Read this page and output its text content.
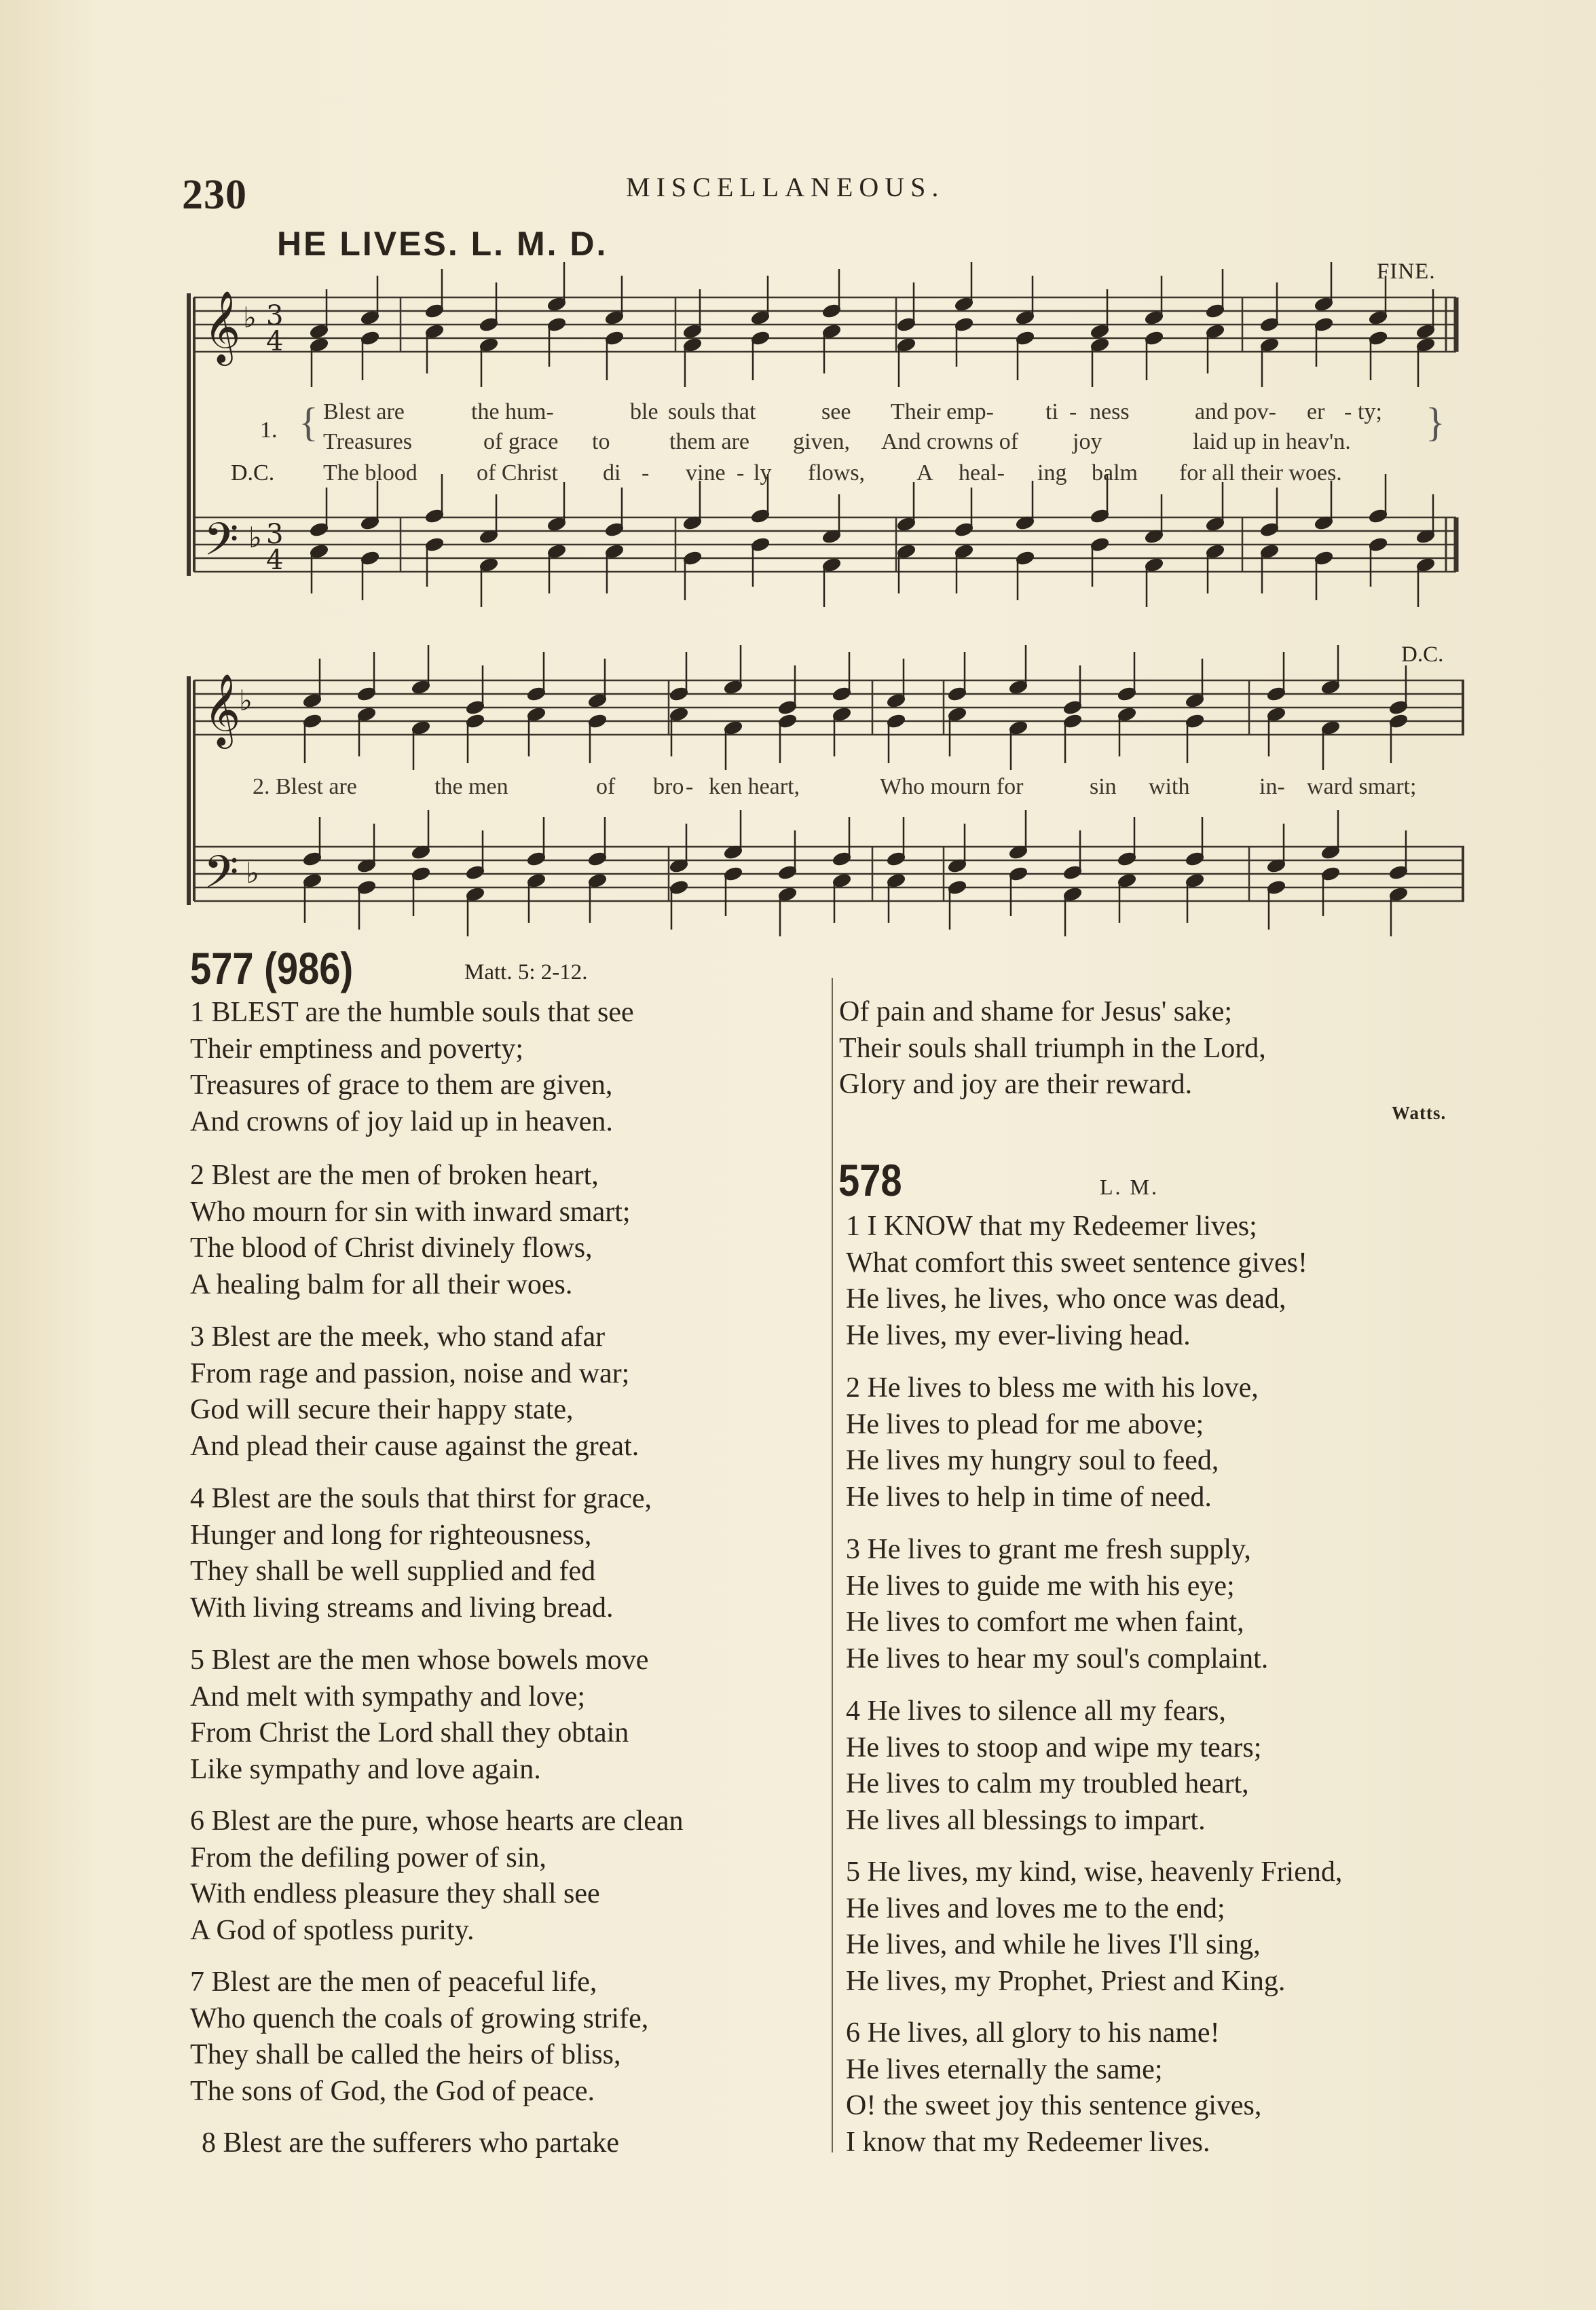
230	MISCELLANEOUS.
HE LIVES. L. M. D.
𝄞
𝄢
𝄞
𝄢
♭
♭
♭
♭
3
4
3
4
FINE.
D.C.
1.
D.C.
{	}
Blest are	the hum-	ble souls that	see Their emp- ti - ness	and pov- er - ty;
Treasures	of grace to	them are given, And crowns of joy	laid up in heav'n.
The blood	of Christ di - vine - ly flows, A heal- ing balm for all their woes.
2. Blest are	the men	of bro - ken heart,	Who mourn for	sin with	in- ward smart;
577 (986)	Matt. 5: 2-12.
1 BLEST are the humble souls that see
Their emptiness and poverty;
Treasures of grace to them are given,
And crowns of joy laid up in heaven.
2 Blest are the men of broken heart,
Who mourn for sin with inward smart;
The blood of Christ divinely flows,
A healing balm for all their woes.
3 Blest are the meek, who stand afar
From rage and passion, noise and war;
God will secure their happy state,
And plead their cause against the great.
4 Blest are the souls that thirst for grace,
Hunger and long for righteousness,
They shall be well supplied and fed
With living streams and living bread.
5 Blest are the men whose bowels move
And melt with sympathy and love;
From Christ the Lord shall they obtain
Like sympathy and love again.
6 Blest are the pure, whose hearts are clean
From the defiling power of sin,
With endless pleasure they shall see
A God of spotless purity.
7 Blest are the men of peaceful life,
Who quench the coals of growing strife,
They shall be called the heirs of bliss,
The sons of God, the God of peace.
8 Blest are the sufferers who partake
Of pain and shame for Jesus' sake;
Their souls shall triumph in the Lord,
Glory and joy are their reward.
Watts.
578	L. M.
1 I KNOW that my Redeemer lives;
What comfort this sweet sentence gives!
He lives, he lives, who once was dead,
He lives, my ever-living head.
2 He lives to bless me with his love,
He lives to plead for me above;
He lives my hungry soul to feed,
He lives to help in time of need.
3 He lives to grant me fresh supply,
He lives to guide me with his eye;
He lives to comfort me when faint,
He lives to hear my soul's complaint.
4 He lives to silence all my fears,
He lives to stoop and wipe my tears;
He lives to calm my troubled heart,
He lives all blessings to impart.
5 He lives, my kind, wise, heavenly Friend,
He lives and loves me to the end;
He lives, and while he lives I'll sing,
He lives, my Prophet, Priest and King.
6 He lives, all glory to his name!
He lives eternally the same;
O! the sweet joy this sentence gives,
I know that my Redeemer lives.
